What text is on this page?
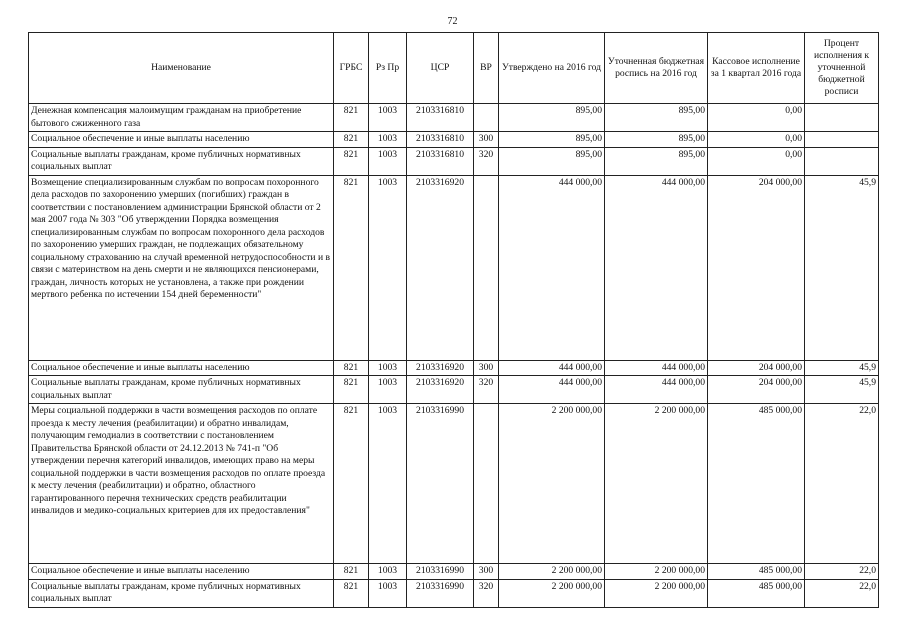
72
Наименование	ГРБС	Рз Пр	ЦСР	ВР	Утверждено на 2016 год	Уточненная бюджетная роспись на 2016 год	Кассовое исполнение за 1 квартал 2016 года	Процент исполнения к уточненной бюджетной росписи
Денежная компенсация малоимущим гражданам на приобретение бытового сжиженного газа	821	1003	2103316810		895,00	895,00	0,00	
Социальное обеспечение и иные выплаты населению	821	1003	2103316810	300	895,00	895,00	0,00	
Социальные выплаты гражданам, кроме публичных нормативных социальных выплат	821	1003	2103316810	320	895,00	895,00	0,00	
Возмещение специализированным службам по вопросам похоронного дела расходов по захоронению умерших (погибших) граждан в соответствии с постановлением администрации Брянской области от 2 мая 2007 года № 303 "Об утверждении Порядка возмещения специализированным службам по вопросам похоронного дела расходов по захоронению умерших граждан, не подлежащих обязательному социальному страхованию на случай временной нетрудоспособности и в связи с материнством на день смерти и не являющихся пенсионерами, граждан, личность которых не установлена, а также при рождении мертвого ребенка по истечении 154 дней беременности"	821	1003	2103316920		444 000,00	444 000,00	204 000,00	45,9
Социальное обеспечение и иные выплаты населению	821	1003	2103316920	300	444 000,00	444 000,00	204 000,00	45,9
Социальные выплаты гражданам, кроме публичных нормативных социальных выплат	821	1003	2103316920	320	444 000,00	444 000,00	204 000,00	45,9
Меры социальной поддержки в части возмещения расходов по оплате проезда к месту лечения (реабилитации) и обратно инвалидам, получающим гемодиализ в соответствии с постановлением Правительства Брянской области от 24.12.2013 № 741-п "Об утверждении перечня категорий инвалидов, имеющих право на меры социальной поддержки в части возмещения расходов по оплате проезда к месту лечения (реабилитации) и обратно, областного гарантированного перечня технических средств реабилитации инвалидов и медико-социальных критериев для их предоставления"	821	1003	2103316990		2 200 000,00	2 200 000,00	485 000,00	22,0
Социальное обеспечение и иные выплаты населению	821	1003	2103316990	300	2 200 000,00	2 200 000,00	485 000,00	22,0
Социальные выплаты гражданам, кроме публичных нормативных социальных выплат	821	1003	2103316990	320	2 200 000,00	2 200 000,00	485 000,00	22,0
